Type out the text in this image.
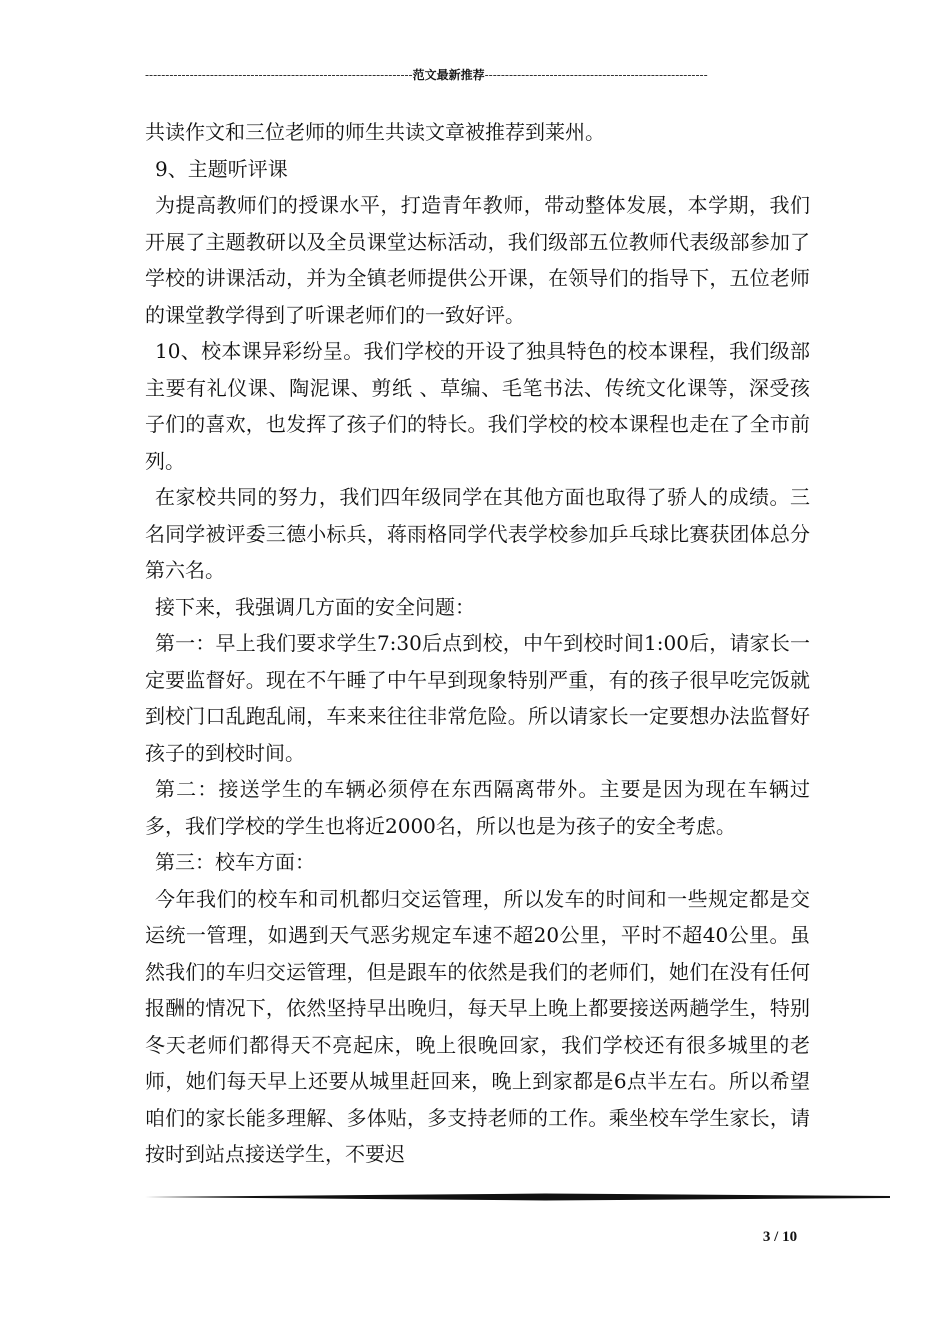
------------------------------------------------------------------范文最新推荐-------------------------------------------------------

共读作文和三位老师的师生共读文章被推荐到莱州。

9、主题听评课

为提高教师们的授课水平，打造青年教师，带动整体发展，本学期，我们开展了主题教研以及全员课堂达标活动，我们级部五位教师代表级部参加了学校的讲课活动，并为全镇老师提供公开课，在领导们的指导下，五位老师的课堂教学得到了听课老师们的一致好评。

10、校本课异彩纷呈。我们学校的开设了独具特色的校本课程，我们级部主要有礼仪课、陶泥课、剪纸 、草编、毛笔书法、传统文化课等，深受孩子们的喜欢，也发挥了孩子们的特长。我们学校的校本课程也走在了全市前列。

在家校共同的努力，我们四年级同学在其他方面也取得了骄人的成绩。三名同学被评委三德小标兵，蒋雨格同学代表学校参加乒乓球比赛获团体总分第六名。

接下来，我强调几方面的安全问题：

第一：早上我们要求学生7:30后点到校，中午到校时间1:00后，请家长一定要监督好。现在不午睡了中午早到现象特别严重，有的孩子很早吃完饭就到校门口乱跑乱闹，车来来往往非常危险。所以请家长一定要想办法监督好孩子的到校时间。

第二：接送学生的车辆必须停在东西隔离带外。主要是因为现在车辆过多，我们学校的学生也将近2000名，所以也是为孩子的安全考虑。

第三：校车方面：

今年我们的校车和司机都归交运管理，所以发车的时间和一些规定都是交运统一管理，如遇到天气恶劣规定车速不超20公里，平时不超40公里。虽然我们的车归交运管理，但是跟车的依然是我们的老师们，她们在没有任何报酬的情况下，依然坚持早出晚归，每天早上晚上都要接送两趟学生，特别冬天老师们都得天不亮起床，晚上很晚回家，我们学校还有很多城里的老师，她们每天早上还要从城里赶回来，晚上到家都是6点半左右。所以希望咱们的家长能多理解、多体贴，多支持老师的工作。乘坐校车学生家长，请按时到站点接送学生，不要迟

3 / 10
